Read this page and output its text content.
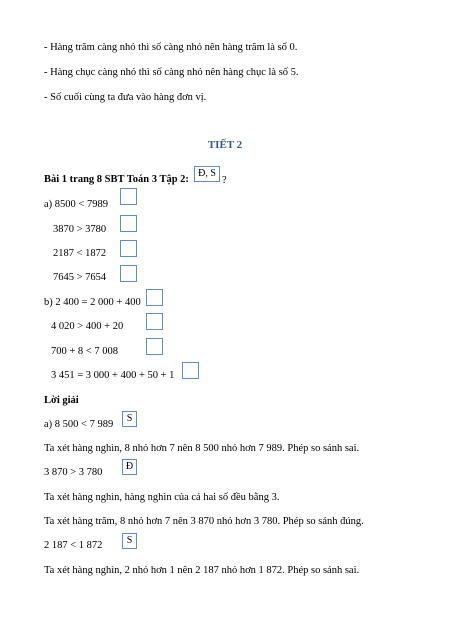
- Hàng trăm càng nhỏ thì số càng nhỏ nên hàng trăm là số 0.
- Hàng chục càng nhỏ thì số càng nhỏ nên hàng chục là số 5.
- Số cuối cùng ta đưa vào hàng đơn vị.
TIẾT 2
Bài 1 trang 8 SBT Toán 3 Tập 2:
Đ, S
?
a) 8500 < 7989
3870 > 3780
2187 < 1872
7645 > 7654
b) 2 400 = 2 000 + 400
4 020 > 400 + 20
700 + 8 < 7 008
3 451 = 3 000 + 400 + 50 + 1
Lời giải
a) 8 500 < 7 989
S
Ta xét hàng nghìn, 8 nhỏ hơn 7 nên 8 500 nhỏ hơn 7 989. Phép so sánh sai.
3 870 > 3 780
Đ
Ta xét hàng nghìn, hàng nghìn của cả hai số đều bằng 3.
Ta xét hàng trăm, 8 nhỏ hơn 7 nên 3 870 nhỏ hơn 3 780. Phép so sánh đúng.
2 187 < 1 872	S
Ta xét hàng nghìn, 2 nhỏ hơn 1 nên 2 187 nhỏ hơn 1 872. Phép so sánh sai.
